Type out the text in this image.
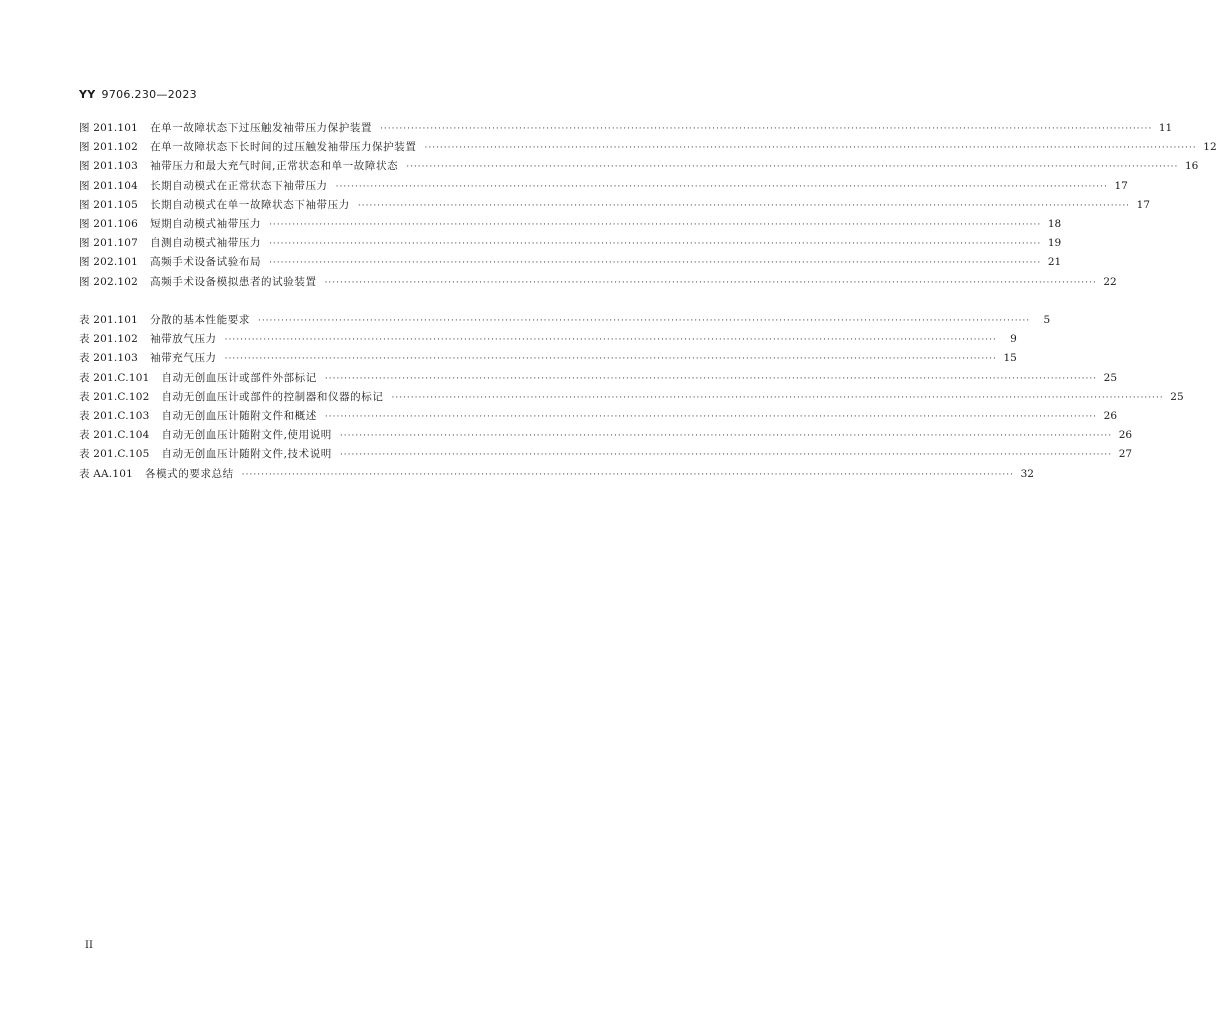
YY 9706.230—2023
图 201.101	在单一故障状态下过压触发袖带压力保护装置 ········································································································································································································ 11
图 201.102	在单一故障状态下长时间的过压触发袖带压力保护装置 ········································································································································································································ 12
图 201.103	袖带压力和最大充气时间,正常状态和单一故障状态 ········································································································································································································ 16
图 201.104	长期自动模式在正常状态下袖带压力 ········································································································································································································ 17
图 201.105	长期自动模式在单一故障状态下袖带压力 ········································································································································································································ 17
图 201.106	短期自动模式袖带压力 ········································································································································································································ 18
图 201.107	自测自动模式袖带压力 ········································································································································································································ 19
图 202.101	高频手术设备试验布局 ········································································································································································································ 21
图 202.102	高频手术设备模拟患者的试验装置 ········································································································································································································ 22
表 201.101	分散的基本性能要求 ········································································································································································································	5
表 201.102	袖带放气压力 ········································································································································································································	9
表 201.103	袖带充气压力 ········································································································································································································ 15
表 201.C.101	自动无创血压计或部件外部标记 ········································································································································································································ 25
表 201.C.102	自动无创血压计或部件的控制器和仪器的标记 ········································································································································································································ 25
表 201.C.103	自动无创血压计随附文件和概述 ········································································································································································································ 26
表 201.C.104	自动无创血压计随附文件,使用说明 ········································································································································································································ 26
表 201.C.105	自动无创血压计随附文件,技术说明 ········································································································································································································ 27
表 AA.101	各模式的要求总结 ········································································································································································································ 32
II
